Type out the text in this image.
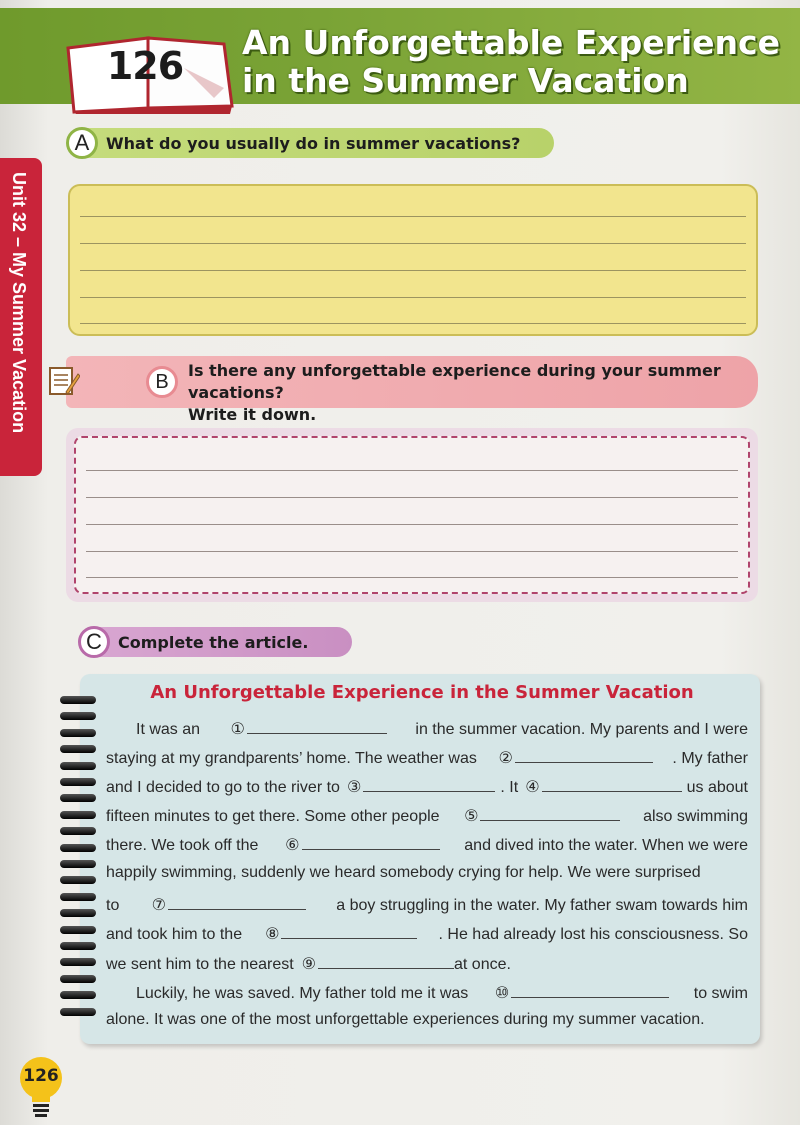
126
An Unforgettable Experience
in the Summer Vacation
Unit 32 – My Summer Vacation
A	What do you usually do in summer vacations?
B	Is there any unforgettable experience during your summer vacations?
Write it down.
C	Complete the article.
An Unforgettable Experience in the Summer Vacation
It was an ①	in the summer vacation. My parents and I were
staying at my grandparents’ home. The weather was ②	. My father
and I decided to go to the river to ③	. It ④	us about
fifteen minutes to get there. Some other people ⑤	also swimming
there. We took off the ⑥	and dived into the water. When we were
happily swimming, suddenly we heard somebody crying for help. We were surprised
to ⑦	a boy struggling in the water. My father swam towards him
and took him to the ⑧	. He had already lost his consciousness. So
we sent him to the nearest ⑨	at once.
Luckily, he was saved. My father told me it was ⑩	to swim
alone. It was one of the most unforgettable experiences during my summer vacation.
126
